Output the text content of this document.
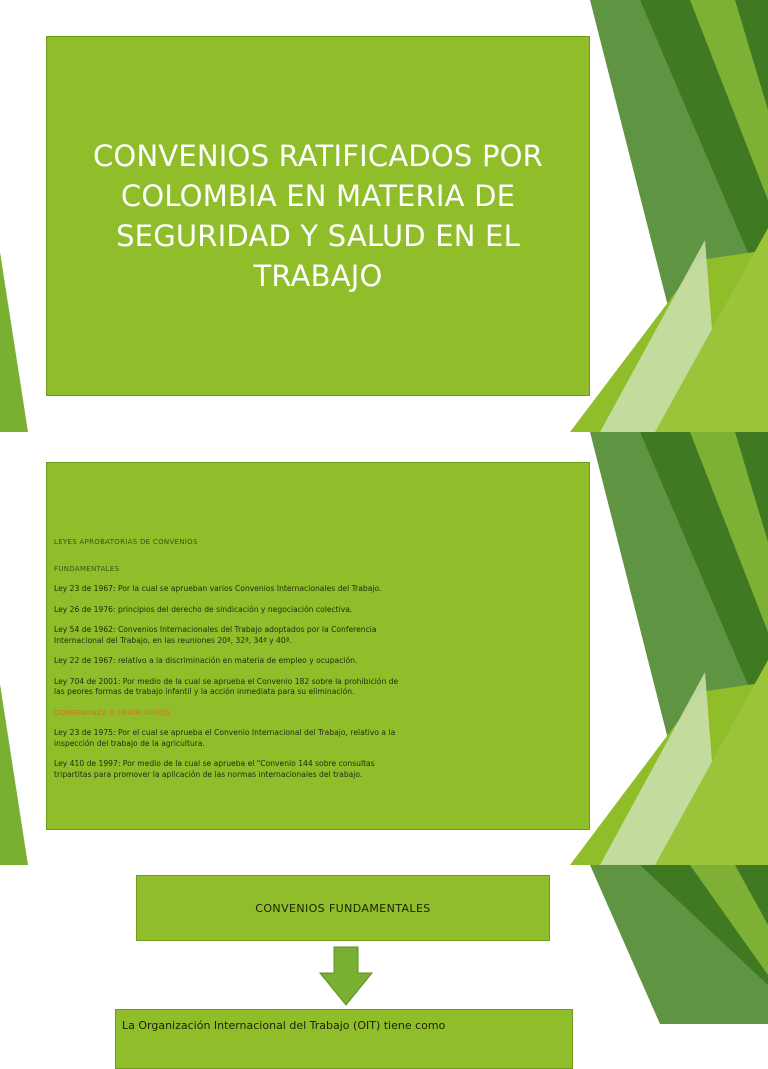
CONVENIOS RATIFICADOS POR COLOMBIA EN MATERIA DE SEGURIDAD Y SALUD EN EL TRABAJO

LEYES APROBATORIAS DE CONVENIOS

FUNDAMENTALES

Ley 23 de 1967: Por la cual se aprueban varios Convenios Internacionales del Trabajo.

Ley 26 de 1976: principios del derecho de sindicación y negociación colectiva.

Ley 54 de 1962: Convenios Internacionales del Trabajo adoptados por la Conferencia Internacional del Trabajo, en las reuniones 20ª, 32ª, 34ª y 40ª.

Ley 22 de 1967: relativo a la discriminación en materia de empleo y ocupación.

Ley 704 de 2001: Por medio de la cual se aprueba el Convenio 182 sobre la prohibición de las peores formas de trabajo infantil y la acción inmediata para su eliminación.

GOBERNANZA O PRIORITARIOS

Ley 23 de 1975: Por el cual se aprueba el Convenio Internacional del Trabajo, relativo a la inspección del trabajo de la agricultura.

Ley 410 de 1997: Por medio de la cual se aprueba el "Convenio 144 sobre consultas tripartitas para promover la aplicación de las normas internacionales del trabajo.

CONVENIOS FUNDAMENTALES
La Organización Internacional del Trabajo (OIT) tiene como
